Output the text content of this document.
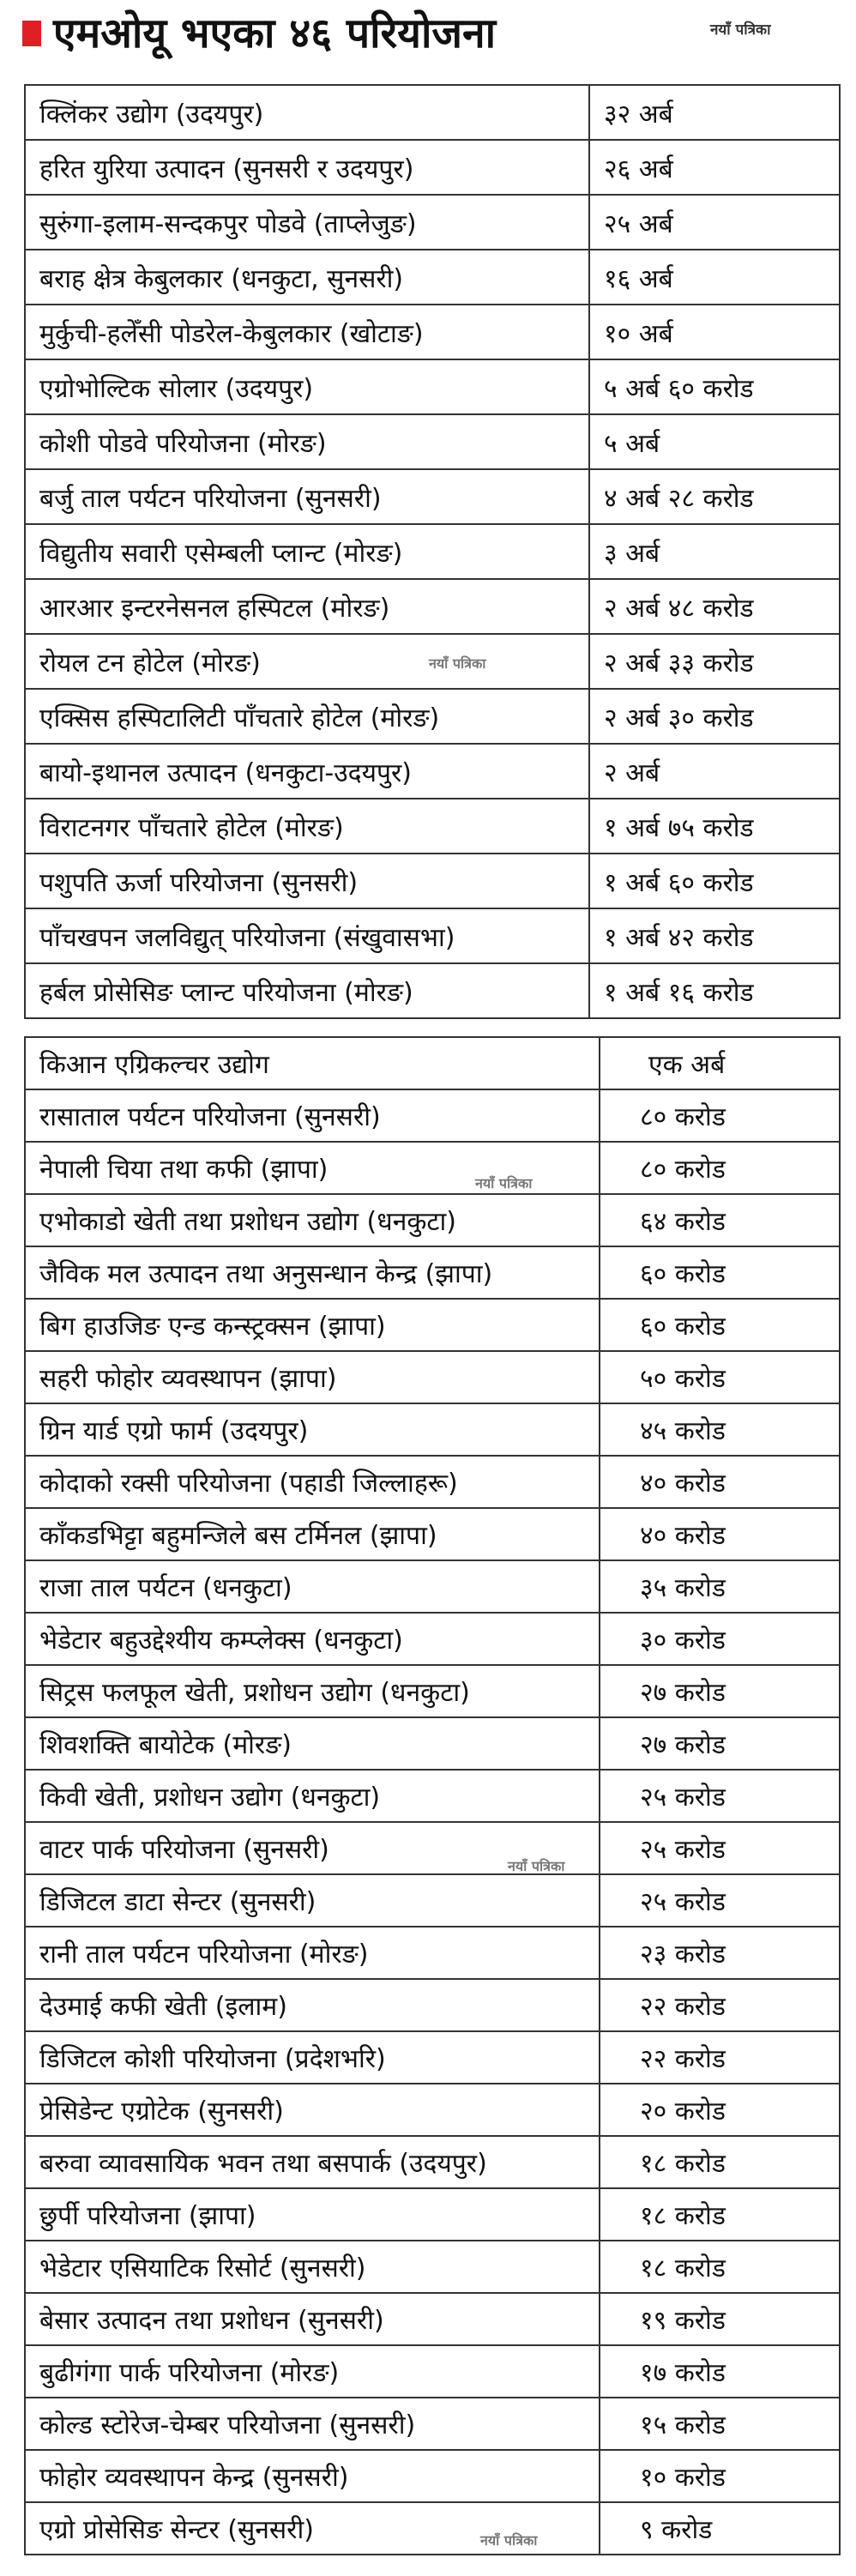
एमओयू भएका ४६ परियोजना	नयाँ पत्रिका
क्लिंकर उद्योग (उदयपुर)	३२ अर्ब
हरित युरिया उत्पादन (सुनसरी र उदयपुर)	२६ अर्ब
सुरुंगा-इलाम-सन्दकपुर पोडवे (ताप्लेजुङ)	२५ अर्ब
बराह क्षेत्र केबुलकार (धनकुटा, सुनसरी)	१६ अर्ब
मुर्कुची-हलेँसी पोडरेल-केबुलकार (खोटाङ)	१० अर्ब
एग्रोभोल्टिक सोलार (उदयपुर)	५ अर्ब ६० करोड
कोशी पोडवे परियोजना (मोरङ)	५ अर्ब
बर्जु ताल पर्यटन परियोजना (सुनसरी)	४ अर्ब २८ करोड
विद्युतीय सवारी एसेम्बली प्लान्ट (मोरङ)	३ अर्ब
आरआर इन्टरनेसनल हस्पिटल (मोरङ)	२ अर्ब ४८ करोड
रोयल टन होटेल (मोरङ)	२ अर्ब ३३ करोड
एक्सिस हस्पिटालिटी पाँचतारे होटेल (मोरङ)	२ अर्ब ३० करोड
बायो-इथानल उत्पादन (धनकुटा-उदयपुर)	२ अर्ब
विराटनगर पाँचतारे होटेल (मोरङ)	१ अर्ब ७५ करोड
पशुपति ऊर्जा परियोजना (सुनसरी)	१ अर्ब ६० करोड
पाँचखपन जलविद्युत् परियोजना (संखुवासभा)	१ अर्ब ४२ करोड
हर्बल प्रोसेसिङ प्लान्ट परियोजना (मोरङ)	१ अर्ब १६ करोड
किआन एग्रिकल्चर उद्योग	एक अर्ब
रासाताल पर्यटन परियोजना (सुनसरी)	८० करोड
नेपाली चिया तथा कफी (झापा)	८० करोड
एभोकाडो खेती तथा प्रशोधन उद्योग (धनकुटा)	६४ करोड
जैविक मल उत्पादन तथा अनुसन्धान केन्द्र (झापा)	६० करोड
बिग हाउजिङ एन्ड कन्स्ट्रक्सन (झापा)	६० करोड
सहरी फोहोर व्यवस्थापन (झापा)	५० करोड
ग्रिन यार्ड एग्रो फार्म (उदयपुर)	४५ करोड
कोदाको रक्सी परियोजना (पहाडी जिल्लाहरू)	४० करोड
काँकडभिट्टा बहुमन्जिले बस टर्मिनल (झापा)	४० करोड
राजा ताल पर्यटन (धनकुटा)	३५ करोड
भेडेटार बहुउद्देश्यीय कम्प्लेक्स (धनकुटा)	३० करोड
सिट्रस फलफूल खेती, प्रशोधन उद्योग (धनकुटा)	२७ करोड
शिवशक्ति बायोटेक (मोरङ)	२७ करोड
किवी खेती, प्रशोधन उद्योग (धनकुटा)	२५ करोड
वाटर पार्क परियोजना (सुनसरी)	२५ करोड
डिजिटल डाटा सेन्टर (सुनसरी)	२५ करोड
रानी ताल पर्यटन परियोजना (मोरङ)	२३ करोड
देउमाई कफी खेती (इलाम)	२२ करोड
डिजिटल कोशी परियोजना (प्रदेशभरि)	२२ करोड
प्रेसिडेन्ट एग्रोटेक (सुनसरी)	२० करोड
बरुवा व्यावसायिक भवन तथा बसपार्क (उदयपुर)	१८ करोड
छुर्पी परियोजना (झापा)	१८ करोड
भेडेटार एसियाटिक रिसोर्ट (सुनसरी)	१८ करोड
बेसार उत्पादन तथा प्रशोधन (सुनसरी)	१९ करोड
बुढीगंगा पार्क परियोजना (मोरङ)	१७ करोड
कोल्ड स्टोरेज-चेम्बर परियोजना (सुनसरी)	१५ करोड
फोहोर व्यवस्थापन केन्द्र (सुनसरी)	१० करोड
एग्रो प्रोसेसिङ सेन्टर (सुनसरी)	९ करोड
नयाँ पत्रिका
नयाँ पत्रिका
नयाँ पत्रिका
नयाँ पत्रिका
